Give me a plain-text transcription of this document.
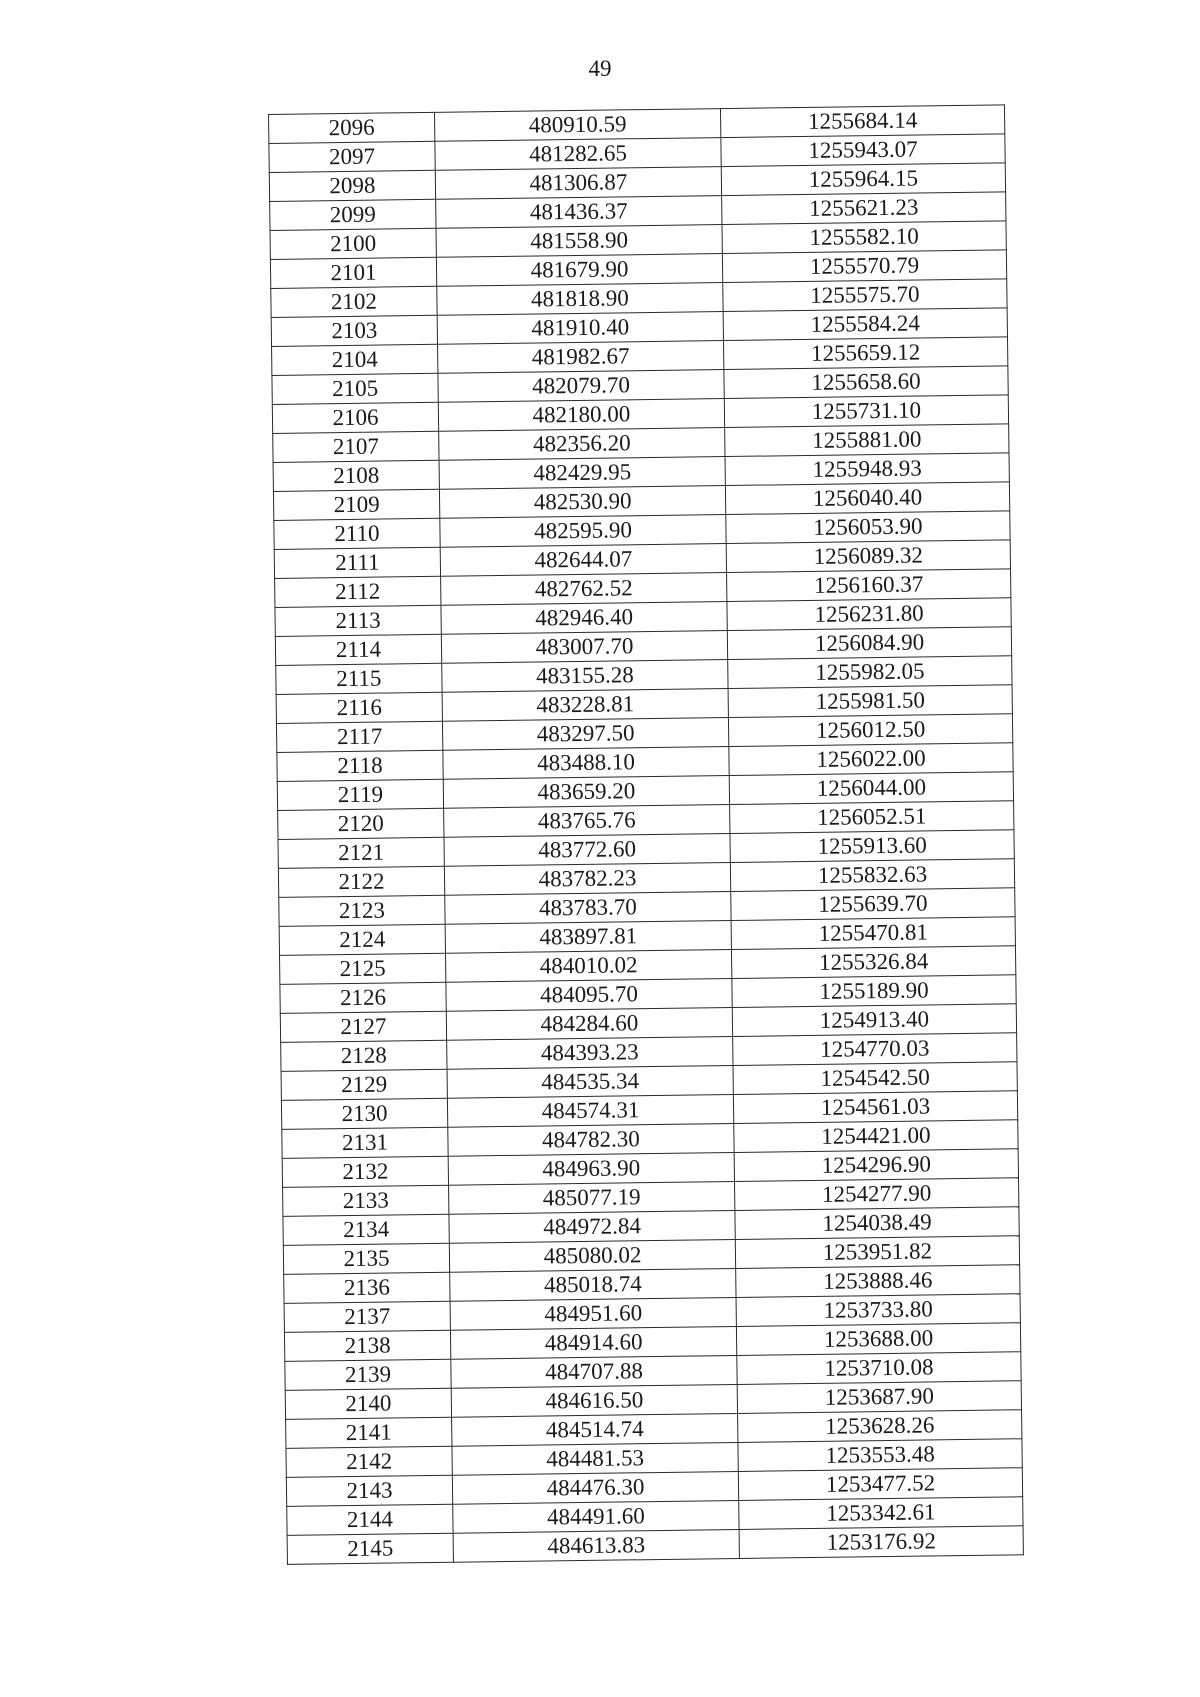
49
2096	480910.59	1255684.14
2097	481282.65	1255943.07
2098	481306.87	1255964.15
2099	481436.37	1255621.23
2100	481558.90	1255582.10
2101	481679.90	1255570.79
2102	481818.90	1255575.70
2103	481910.40	1255584.24
2104	481982.67	1255659.12
2105	482079.70	1255658.60
2106	482180.00	1255731.10
2107	482356.20	1255881.00
2108	482429.95	1255948.93
2109	482530.90	1256040.40
2110	482595.90	1256053.90
2111	482644.07	1256089.32
2112	482762.52	1256160.37
2113	482946.40	1256231.80
2114	483007.70	1256084.90
2115	483155.28	1255982.05
2116	483228.81	1255981.50
2117	483297.50	1256012.50
2118	483488.10	1256022.00
2119	483659.20	1256044.00
2120	483765.76	1256052.51
2121	483772.60	1255913.60
2122	483782.23	1255832.63
2123	483783.70	1255639.70
2124	483897.81	1255470.81
2125	484010.02	1255326.84
2126	484095.70	1255189.90
2127	484284.60	1254913.40
2128	484393.23	1254770.03
2129	484535.34	1254542.50
2130	484574.31	1254561.03
2131	484782.30	1254421.00
2132	484963.90	1254296.90
2133	485077.19	1254277.90
2134	484972.84	1254038.49
2135	485080.02	1253951.82
2136	485018.74	1253888.46
2137	484951.60	1253733.80
2138	484914.60	1253688.00
2139	484707.88	1253710.08
2140	484616.50	1253687.90
2141	484514.74	1253628.26
2142	484481.53	1253553.48
2143	484476.30	1253477.52
2144	484491.60	1253342.61
2145	484613.83	1253176.92
